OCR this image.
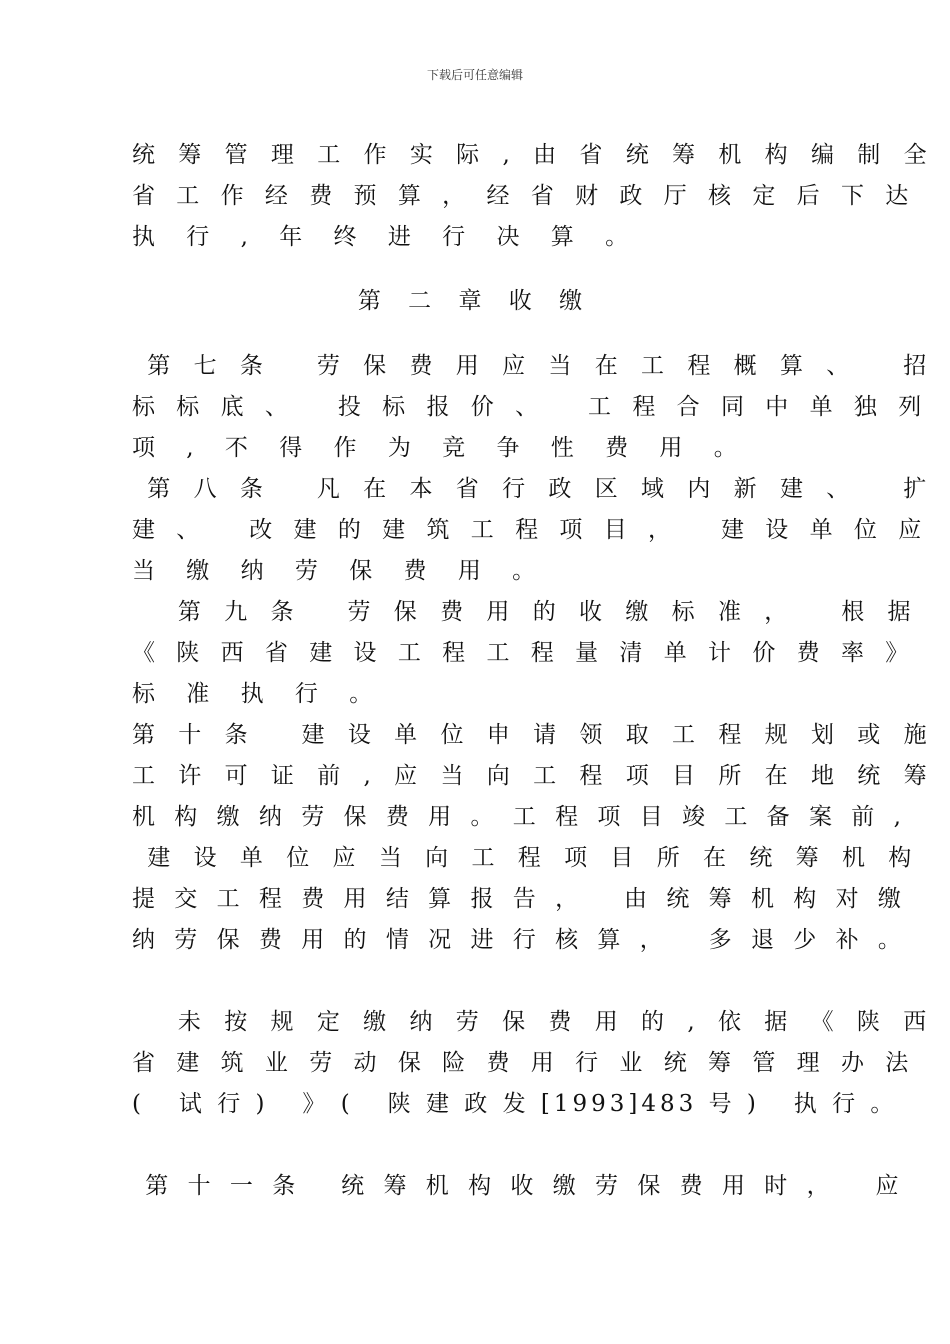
下载后可任意编辑
统 筹 管 理 工 作 实 际 , 由 省 统 筹 机 构 编 制 全
省 工 作 经 费 预 算 ， 经 省 财 政 厅 核 定 后 下 达
执 行 , 年 终 进 行 决 算 。
第 二 章 收 缴
第 七 条   劳 保 费 用 应 当 在 工 程 概 算 、   招
标 标 底 、   投 标 报 价 、   工 程 合 同 中 单 独 列
项 , 不 得 作 为 竞 争 性 费 用 。
第 八 条   凡 在 本 省 行 政 区 域 内 新 建 、   扩
建 、   改 建 的 建 筑 工 程 项 目 ，   建 设 单 位 应
当 缴 纳 劳 保 费 用 。
第 九 条   劳 保 费 用 的 收 缴 标 准 ，   根 据
《 陕 西 省 建 设 工 程 工 程 量 清 单 计 价 费 率 》
标 准 执 行 。
第 十 条   建 设 单 位 申 请 领 取 工 程 规 划 或 施
工 许 可 证 前 , 应 当 向 工 程 项 目 所 在 地 统 筹
机 构 缴 纳 劳 保 费 用 。 工 程 项 目 竣 工 备 案 前 ,
建 设 单 位 应 当 向 工 程 项 目 所 在 统 筹 机 构
提 交 工 程 费 用 结 算 报 告 ，   由 统 筹 机 构 对 缴
纳 劳 保 费 用 的 情 况 进 行 核 算 ，   多 退 少 补 。
未 按 规 定 缴 纳 劳 保 费 用 的 , 依 据 《 陕 西
省 建 筑 业 劳 动 保 险 费 用 行 业 统 筹 管 理 办 法
(   试 行 )   》 (   陕 建 政 发 [1993]483 号 )   执 行 。
第 十 一 条   统 筹 机 构 收 缴 劳 保 费 用 时 ，   应
